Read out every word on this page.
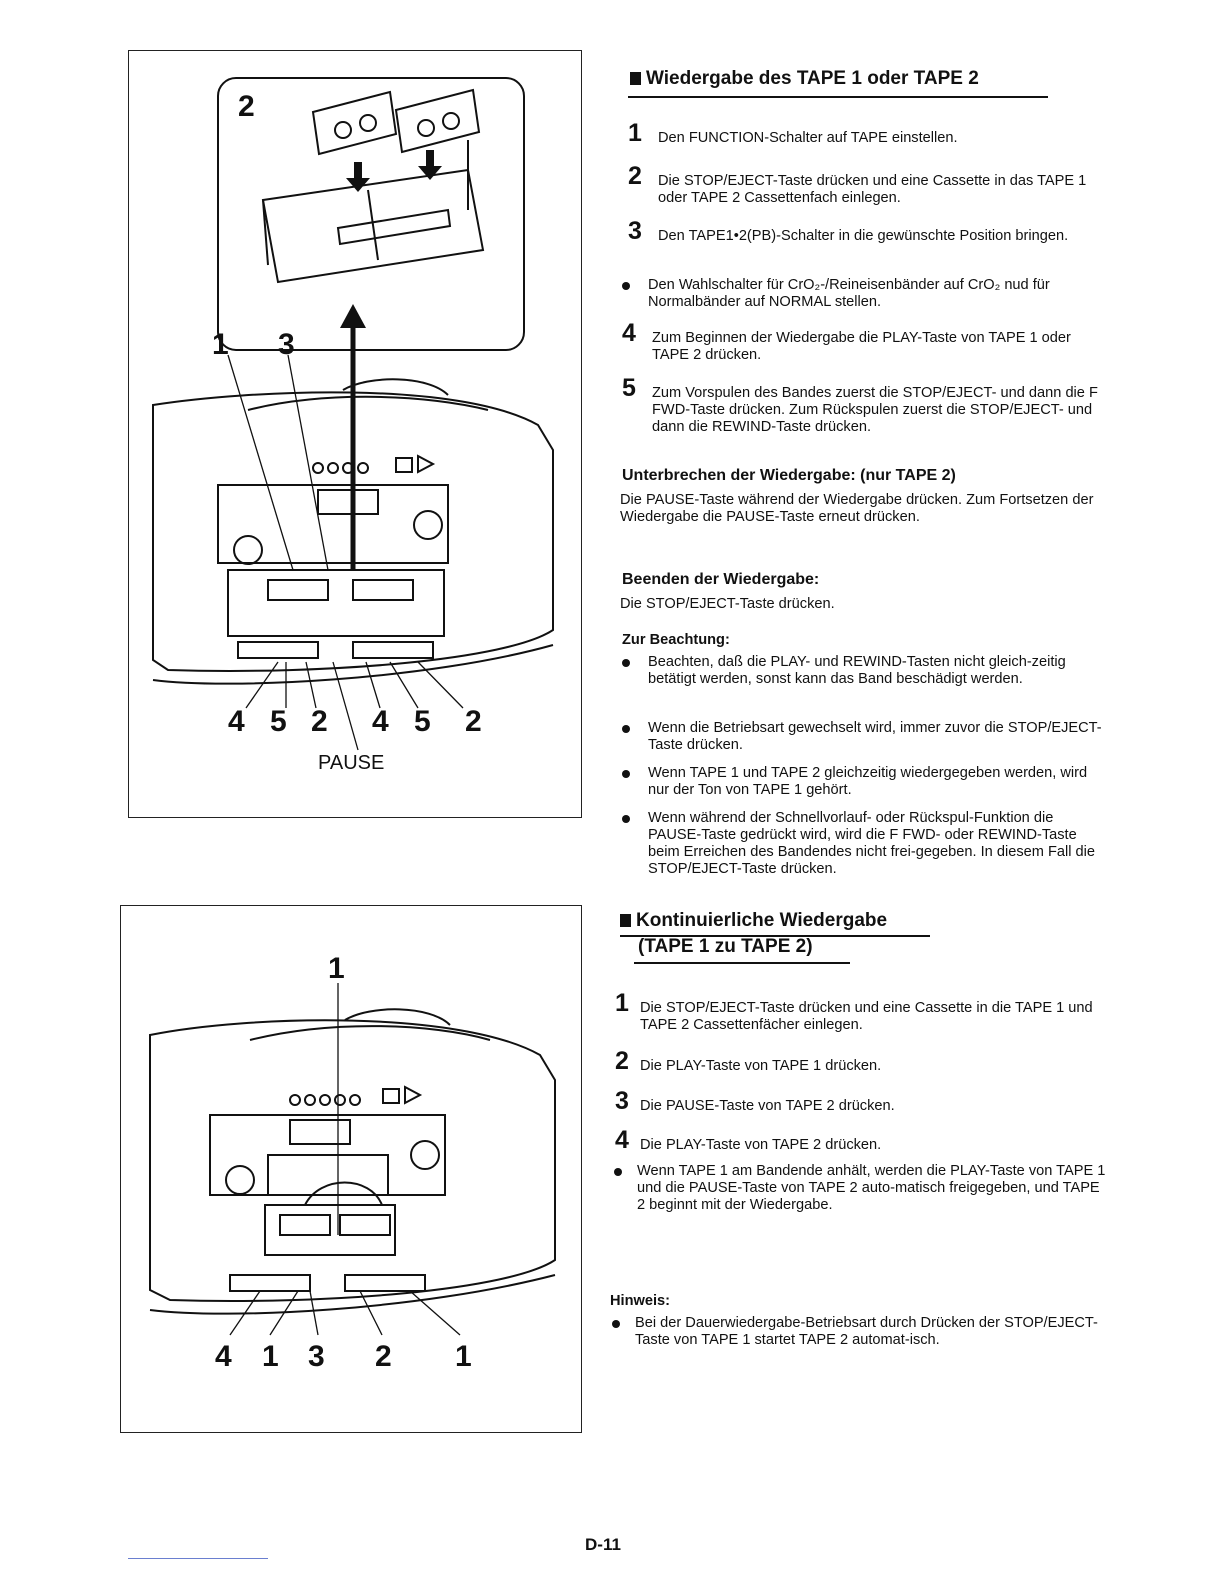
2
1 3
4 5 2 4 5 2
PAUSE
1
4 1 3 2 1
Wiedergabe des TAPE 1 oder TAPE 2
1 Den FUNCTION-Schalter auf TAPE einstellen.
2 Die STOP/EJECT-Taste drücken und eine Cassette in das TAPE 1 oder TAPE 2 Cassettenfach einlegen.
3 Den TAPE1•2(PB)-Schalter in die gewünschte Position bringen.
Den Wahlschalter für CrO₂-/Reineisenbänder auf CrO₂ nud für Normalbänder auf NORMAL stellen.
4 Zum Beginnen der Wiedergabe die PLAY-Taste von TAPE 1 oder TAPE 2 drücken.
5 Zum Vorspulen des Bandes zuerst die STOP/EJECT- und dann die F FWD-Taste drücken. Zum Rückspulen zuerst die STOP/EJECT- und dann die REWIND-Taste drücken.
Unterbrechen der Wiedergabe: (nur TAPE 2)
Die PAUSE-Taste während der Wiedergabe drücken. Zum Fortsetzen der Wiedergabe die PAUSE-Taste erneut drücken.
Beenden der Wiedergabe:
Die STOP/EJECT-Taste drücken.
Zur Beachtung:
Beachten, daß die PLAY- und REWIND-Tasten nicht gleich-zeitig betätigt werden, sonst kann das Band beschädigt werden.
Wenn die Betriebsart gewechselt wird, immer zuvor die STOP/EJECT-Taste drücken.
Wenn TAPE 1 und TAPE 2 gleichzeitig wiedergegeben werden, wird nur der Ton von TAPE 1 gehört.
Wenn während der Schnellvorlauf- oder Rückspul-Funktion die PAUSE-Taste gedrückt wird, wird die F FWD- oder REWIND-Taste beim Erreichen des Bandendes nicht frei-gegeben. In diesem Fall die STOP/EJECT-Taste drücken.
Kontinuierliche Wiedergabe
(TAPE 1 zu TAPE 2)
1 Die STOP/EJECT-Taste drücken und eine Cassette in die TAPE 1 und TAPE 2 Cassettenfächer einlegen.
2 Die PLAY-Taste von TAPE 1 drücken.
3 Die PAUSE-Taste von TAPE 2 drücken.
4 Die PLAY-Taste von TAPE 2 drücken.
Wenn TAPE 1 am Bandende anhält, werden die PLAY-Taste von TAPE 1 und die PAUSE-Taste von TAPE 2 auto-matisch freigegeben, und TAPE 2 beginnt mit der Wiedergabe.
Hinweis:
Bei der Dauerwiedergabe-Betriebsart durch Drücken der STOP/EJECT-Taste von TAPE 1 startet TAPE 2 automat-isch.
D-11
